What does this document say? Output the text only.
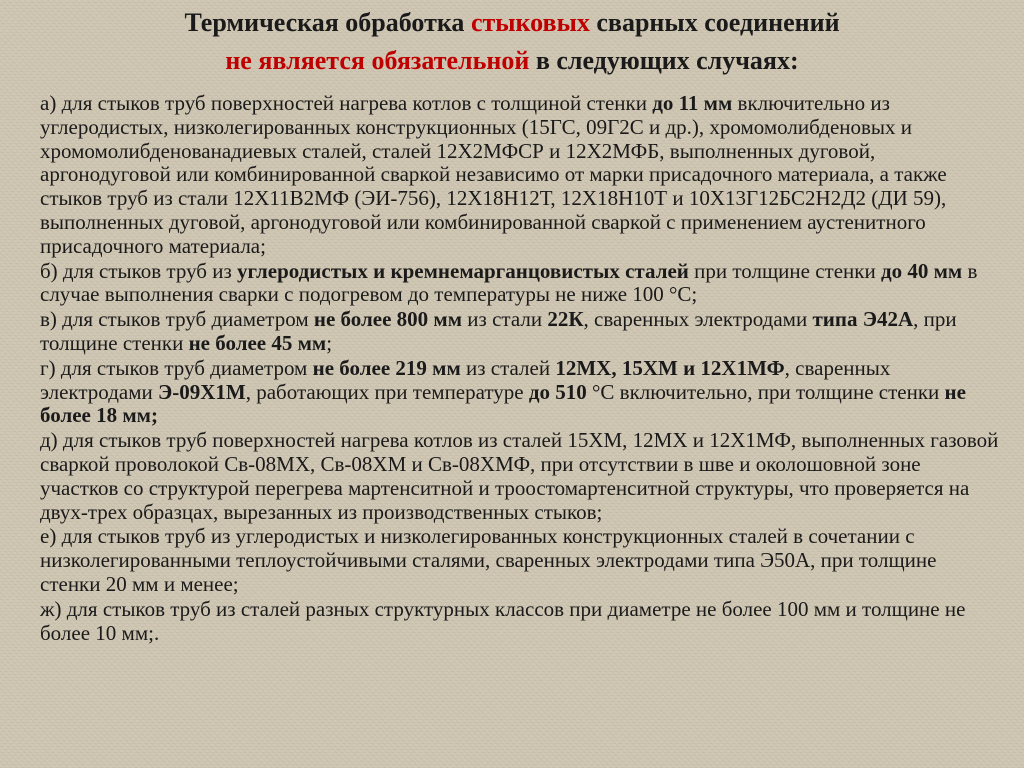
Термическая обработка стыковых сварных соединений
не является обязательной в следующих случаях:
а) для стыков труб поверхностей нагрева котлов с толщиной стенки до 11 мм включительно из углеродистых, низколегированных конструкционных (15ГС, 09Г2С и др.), хромомолибденовых и хромомолибденованадиевых сталей, сталей 12Х2МФСР и 12Х2МФБ, выполненных дуговой, аргонодуговой или комбинированной сваркой независимо от марки присадочного материала, а также стыков труб из стали 12Х11В2МФ (ЭИ-756), 12Х18Н12Т, 12Х18Н10Т и 10Х13Г12БС2Н2Д2 (ДИ 59), выполненных дуговой, аргонодуговой или комбинированной сваркой с применением аустенитного присадочного материала;
б) для стыков труб из углеродистых и кремнемарганцовистых сталей при толщине стенки до 40 мм в случае выполнения сварки с подогревом до температуры не ниже 100 °С;
в) для стыков труб диаметром не более 800 мм из стали 22К, сваренных электродами типа Э42А, при толщине стенки не более 45 мм;
г) для стыков труб диаметром не более 219 мм из сталей 12МХ, 15ХМ и 12Х1МФ, сваренных электродами Э-09Х1М, работающих при температуре до 510 °С включительно, при толщине стенки не более 18 мм;
д) для стыков труб поверхностей нагрева котлов из сталей 15ХМ, 12МХ и 12Х1МФ, выполненных газовой сваркой проволокой Св-08МХ, Св-08ХМ и Св-08ХМФ, при отсутствии в шве и околошовной зоне участков со структурой перегрева мартенситной и троостомартенситной структуры, что проверяется на двух-трех образцах, вырезанных из производственных стыков;
е) для стыков труб из углеродистых и низколегированных конструкционных сталей в сочетании с низколегированными теплоустойчивыми сталями, сваренных электродами типа Э50А, при толщине стенки 20 мм и менее;
ж) для стыков труб из сталей разных структурных классов при диаметре не более 100 мм и толщине не более 10 мм;.
